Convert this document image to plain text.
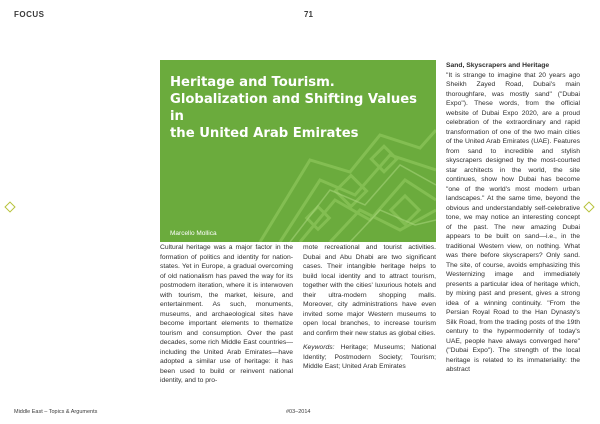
FOCUS	71
Heritage and Tourism.
Globalization and Shifting Values in
the United Arab Emirates
Marcello Mollica

Cultural heritage was a major factor in the formation of politics and identity for nation-states. Yet in Europe, a gradual overcoming of old nationalism has paved the way for its postmodern iteration, where it is interwoven with tourism, the market, leisure, and entertainment. As such, monuments, museums, and archaeological sites have become important elements to thematize tourism and consumption. Over the past decades, some rich Middle East countries—including the United Arab Emirates—have adopted a similar use of heritage: it has been used to build or reinvent national identity, and to pro-

mote recreational and tourist activities. Dubai and Abu Dhabi are two significant cases. Their intangible heritage helps to build local identity and to attract tourism, together with the cities' luxurious hotels and their ultra-modern shopping malls. Moreover, city administrations have even invited some major Western museums to open local branches, to increase tourism and confirm their new status as global cities.

Keywords: Heritage; Museums; National Identity; Postmodern Society; Tourism; Middle East; United Arab Emirates

Sand, Skyscrapers and Heritage

"It is strange to imagine that 20 years ago Sheikh Zayed Road, Dubai's main thoroughfare, was mostly sand" ("Dubai Expo"). These words, from the official website of Dubai Expo 2020, are a proud celebration of the extraordinary and rapid transformation of one of the two main cities of the United Arab Emirates (UAE). Features from sand to incredible and stylish skyscrapers designed by the most-courted star architects in the world, the site continues, show how Dubai has become "one of the world's most modern urban landscapes." At the same time, beyond the obvious and understandably self-celebrative tone, we may notice an interesting concept of the past. The new amazing Dubai appears to be built on sand—i.e., in the traditional Western view, on nothing. What was there before skyscrapers? Only sand. The site, of course, avoids emphasizing this Westernizing image and immediately presents a particular idea of heritage which, by mixing past and present, gives a strong idea of a winning continuity. "From the Persian Royal Road to the Han Dynasty's Silk Road, from the trading posts of the 19th century to the hypermodernity of today's UAE, people have always converged here" ("Dubai Expo"). The strength of the local heritage is related to its immateriality: the abstract

Middle East – Topics & Arguments	#03–2014
